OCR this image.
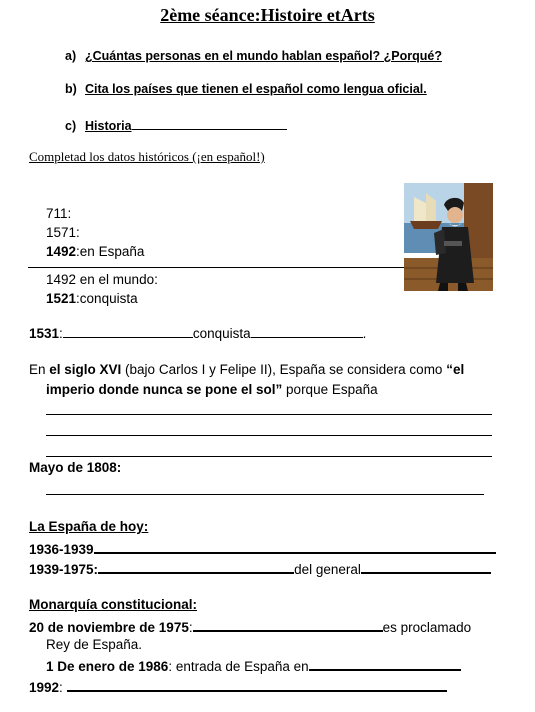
2ème séance:Histoire etArts
a) ¿Cuántas personas en el mundo hablan español? ¿Porqué?
b) Cita los países que tienen el español como lengua oficial.
c) Historia
Completad los datos históricos (¡en español!)
711:
1571:
1492:en España
1492 en el mundo:
1521:conquista
1531:	conquista	.
En el siglo XVI (bajo Carlos I y Felipe II), España se considera como “el
imperio donde nunca se pone el sol” porque España
Mayo de 1808:
La España de hoy:
1936-1939
1939-1975:	del general
Monarquía constitucional:
20 de noviembre de 1975:	es proclamado
Rey de España.
1 De enero de 1986: entrada de España en
1992:
